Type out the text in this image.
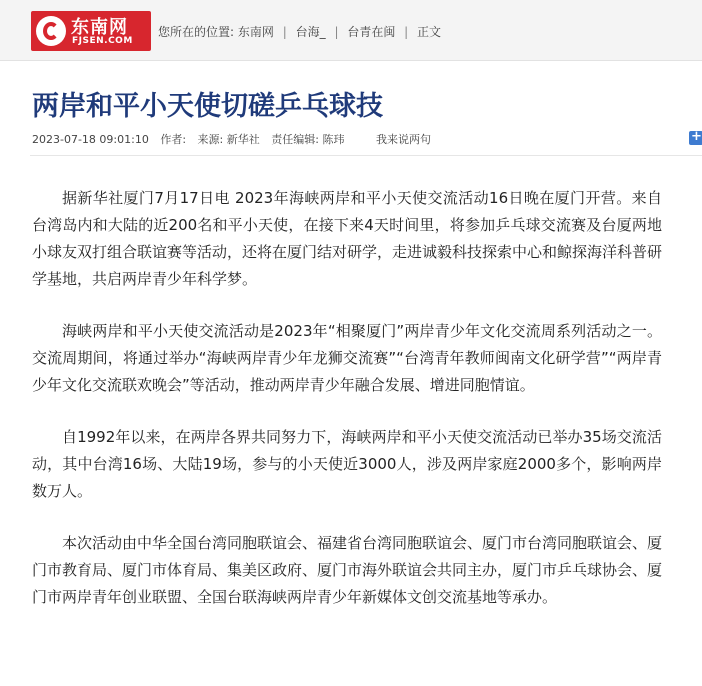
东南网
FJSEN.COM
您所在的位置: 东南网 | 台海_ | 台青在闽 | 正文
两岸和平小天使切磋乒乓球技
2023-07-18 09:01:10 作者: 来源: 新华社 责任编辑: 陈玮	我来说两句
+

据新华社厦门7月17日电 2023年海峡两岸和平小天使交流活动16日晚在厦门开营。来自台湾岛内和大陆的近200名和平小天使，在接下来4天时间里，将参加乒乓球交流赛及台厦两地小球友双打组合联谊赛等活动，还将在厦门结对研学，走进诚毅科技探索中心和鲸探海洋科普研学基地，共启两岸青少年科学梦。

海峡两岸和平小天使交流活动是2023年“相聚厦门”两岸青少年文化交流周系列活动之一。交流周期间，将通过举办“海峡两岸青少年龙狮交流赛”“台湾青年教师闽南文化研学营”“两岸青少年文化交流联欢晚会”等活动，推动两岸青少年融合发展、增进同胞情谊。

自1992年以来，在两岸各界共同努力下，海峡两岸和平小天使交流活动已举办35场交流活动，其中台湾16场、大陆19场，参与的小天使近3000人，涉及两岸家庭2000多个，影响两岸数万人。

本次活动由中华全国台湾同胞联谊会、福建省台湾同胞联谊会、厦门市台湾同胞联谊会、厦门市教育局、厦门市体育局、集美区政府、厦门市海外联谊会共同主办，厦门市乒乓球协会、厦门市两岸青年创业联盟、全国台联海峡两岸青少年新媒体文创交流基地等承办。
